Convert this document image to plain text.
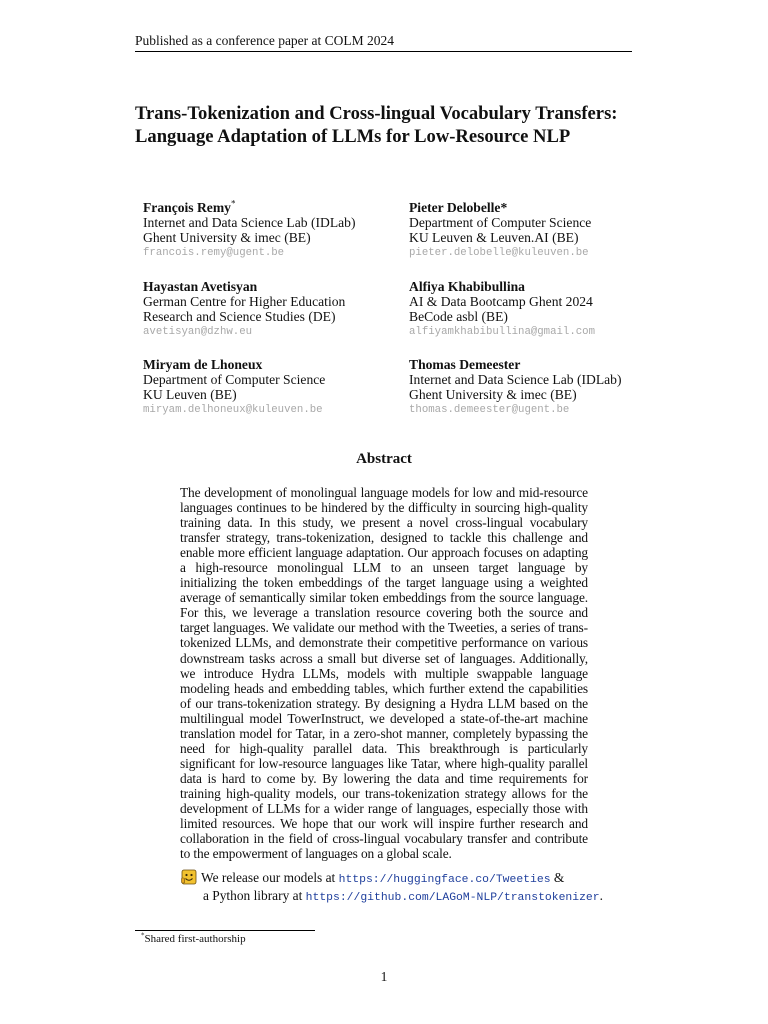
Published as a conference paper at COLM 2024
Trans-Tokenization and Cross-lingual Vocabulary Transfers:
Language Adaptation of LLMs for Low-Resource NLP
François Remy*
Internet and Data Science Lab (IDLab)
Ghent University & imec (BE)
francois.remy@ugent.be
Pieter Delobelle*
Department of Computer Science
KU Leuven & Leuven.AI (BE)
pieter.delobelle@kuleuven.be
Hayastan Avetisyan
German Centre for Higher Education
Research and Science Studies (DE)
avetisyan@dzhw.eu
Alfiya Khabibullina
AI & Data Bootcamp Ghent 2024
BeCode asbl (BE)
alfiyamkhabibullina@gmail.com
Miryam de Lhoneux
Department of Computer Science
KU Leuven (BE)
miryam.delhoneux@kuleuven.be
Thomas Demeester
Internet and Data Science Lab (IDLab)
Ghent University & imec (BE)
thomas.demeester@ugent.be
Abstract
The development of monolingual language models for low and mid-resource languages continues to be hindered by the difficulty in sourcing high-quality training data. In this study, we present a novel cross-lingual vocabulary transfer strategy, trans-tokenization, designed to tackle this challenge and enable more efficient language adaptation. Our approach focuses on adapting a high-resource monolingual LLM to an unseen target language by initializing the token embeddings of the target language using a weighted average of semantically similar token embeddings from the source language. For this, we leverage a translation resource covering both the source and target languages. We validate our method with the Tweeties, a series of trans-tokenized LLMs, and demonstrate their competitive performance on various downstream tasks across a small but diverse set of languages. Additionally, we introduce Hydra LLMs, models with multiple swappable language modeling heads and embedding tables, which further extend the capabilities of our trans-tokenization strategy. By designing a Hydra LLM based on the multilingual model TowerInstruct, we developed a state-of-the-art machine translation model for Tatar, in a zero-shot manner, completely bypassing the need for high-quality parallel data. This breakthrough is particularly significant for low-resource languages like Tatar, where high-quality parallel data is hard to come by. By lowering the data and time requirements for training high-quality models, our trans-tokenization strategy allows for the development of LLMs for a wider range of languages, especially those with limited resources. We hope that our work will inspire further research and collaboration in the field of cross-lingual vocabulary transfer and contribute to the empowerment of languages on a global scale.
We release our models at https://huggingface.co/Tweeties &
a Python library at https://github.com/LAGoM-NLP/transtokenizer.
*Shared first-authorship
1
